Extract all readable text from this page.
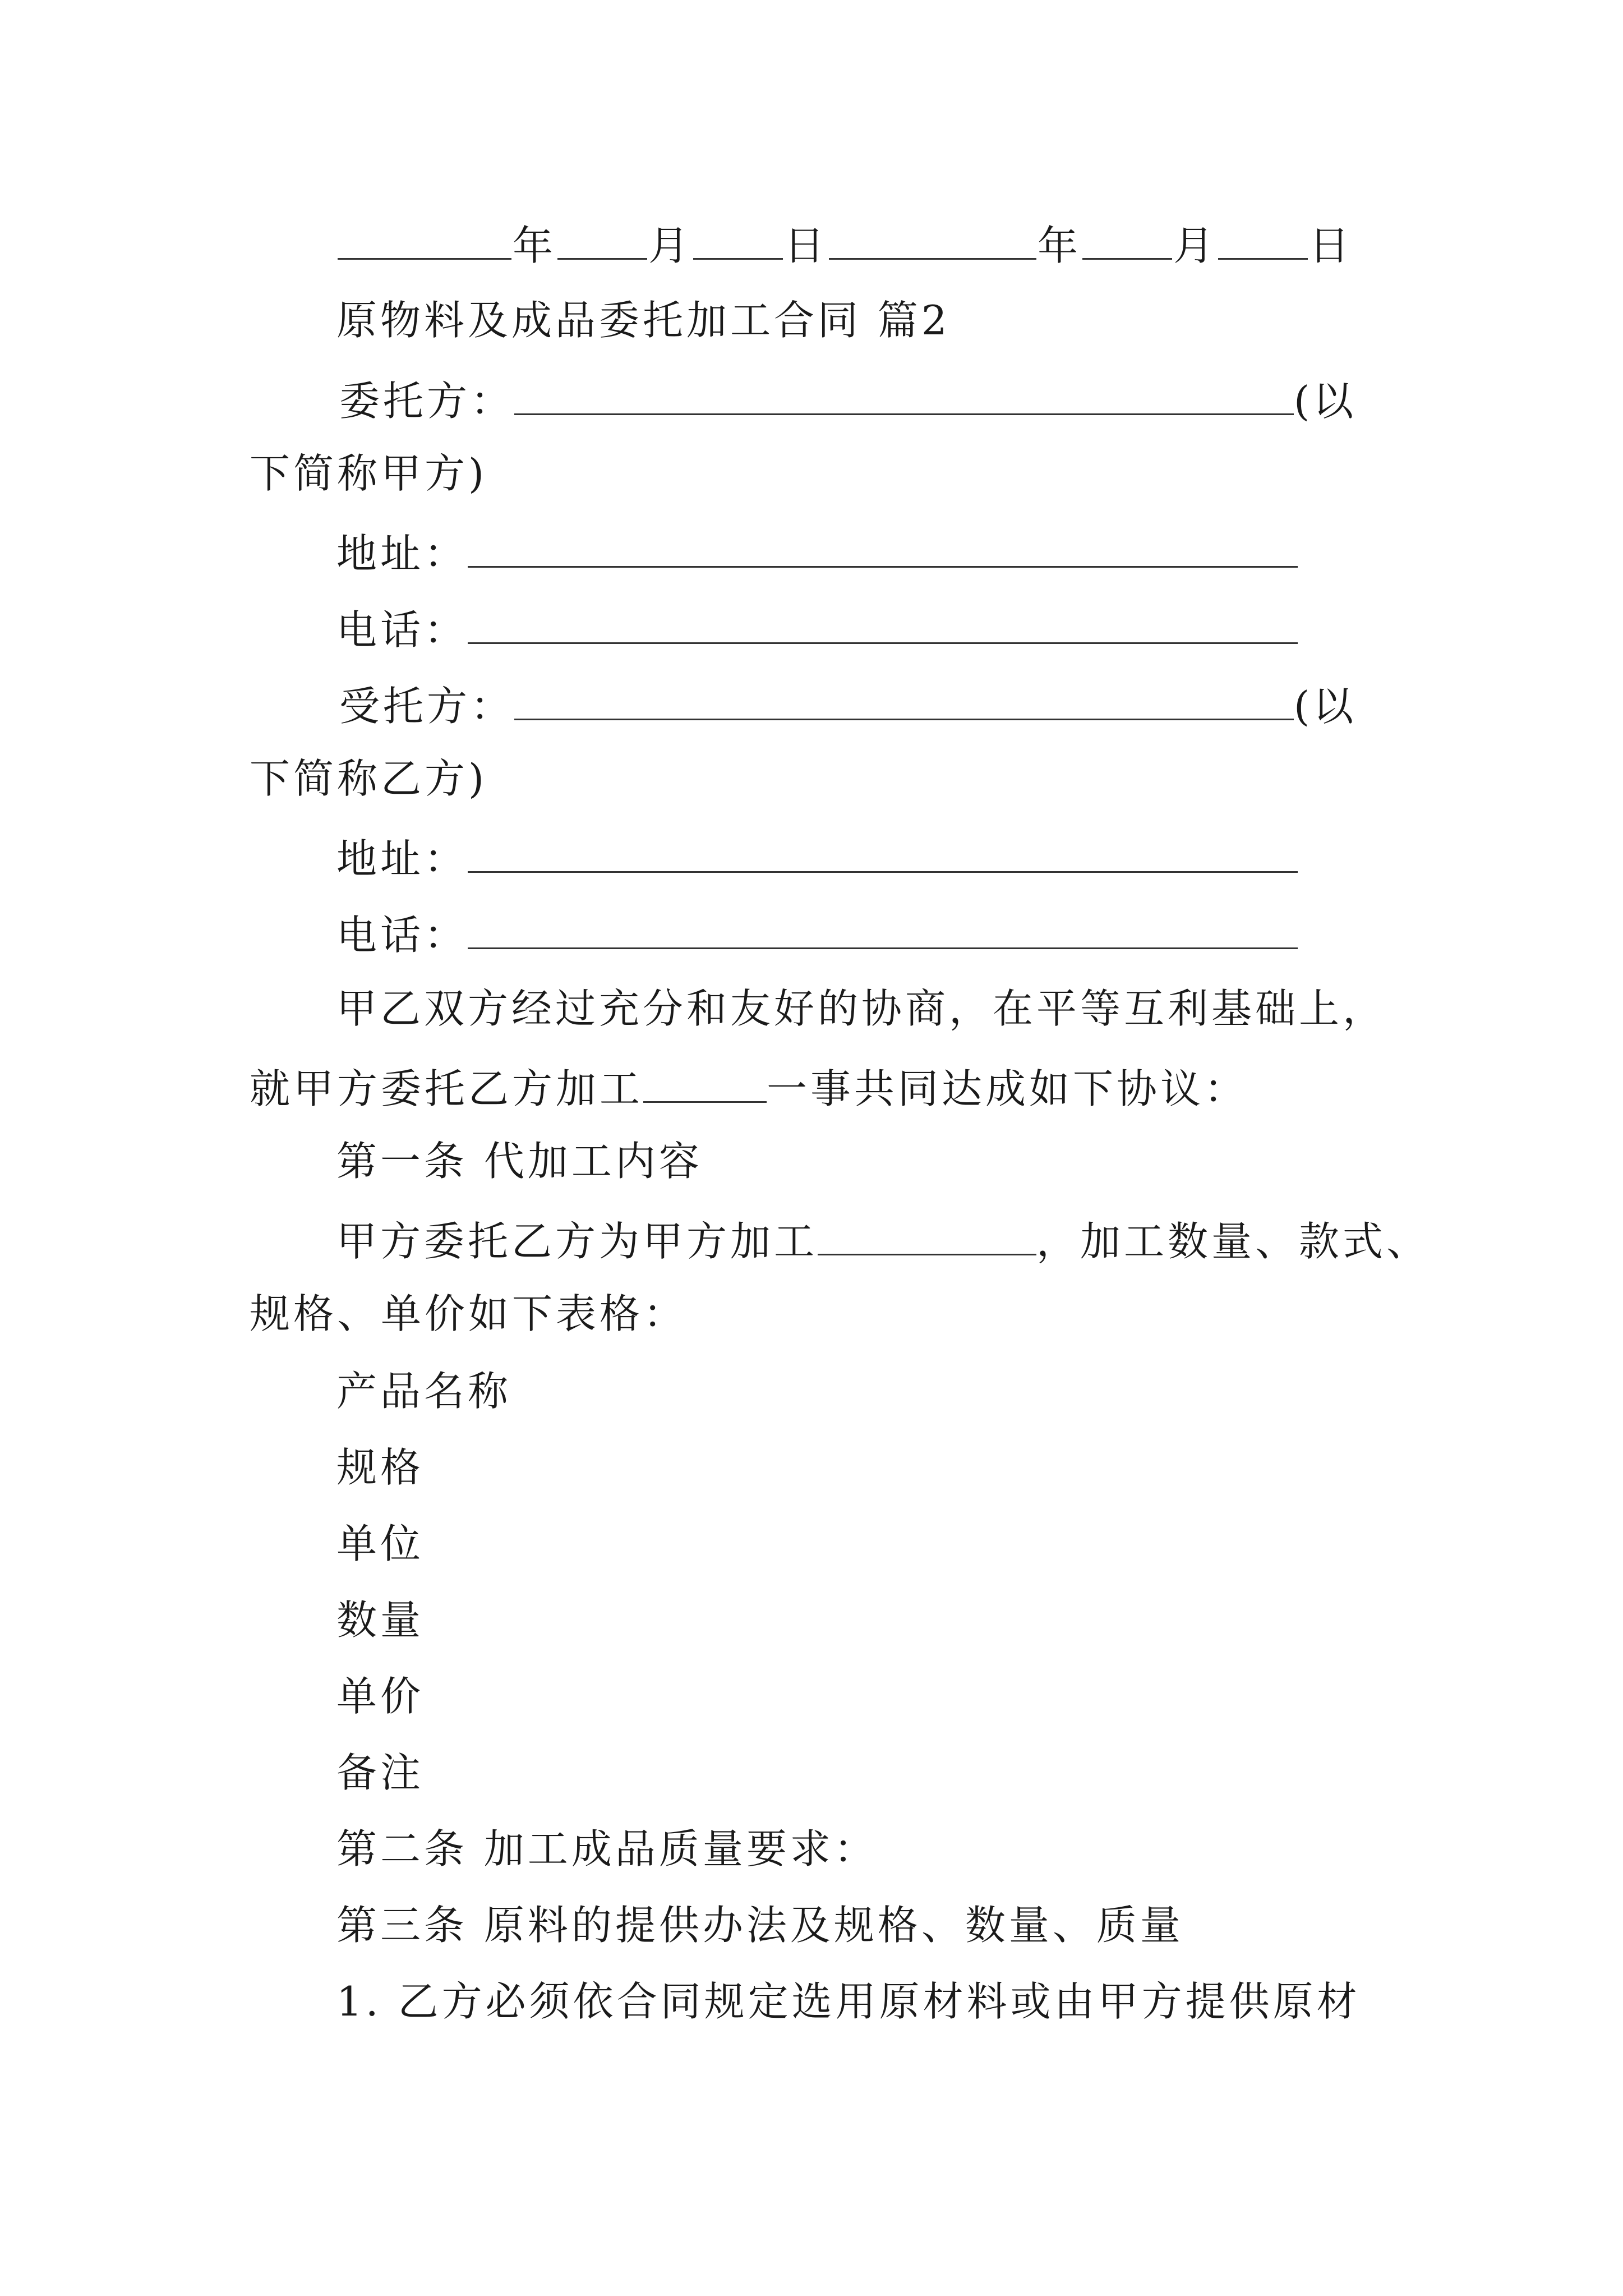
年 月 日	年 月 日
原物料及成品委托加工合同 篇2
委托方：	(以
下简称甲方)
地址：
电话：
受托方：	(以
下简称乙方)
地址：
电话：
甲乙双方经过充分和友好的协商，在平等互利基础上，
就甲方委托乙方加工	一事共同达成如下协议：
第一条 代加工内容
甲方委托乙方为甲方加工	，加工数量、款式、
规格、单价如下表格：
产品名称
规格
单位
数量
单价
备注
第二条 加工成品质量要求：
第三条 原料的提供办法及规格、数量、质量
1. 乙方必须依合同规定选用原材料或由甲方提供原材
